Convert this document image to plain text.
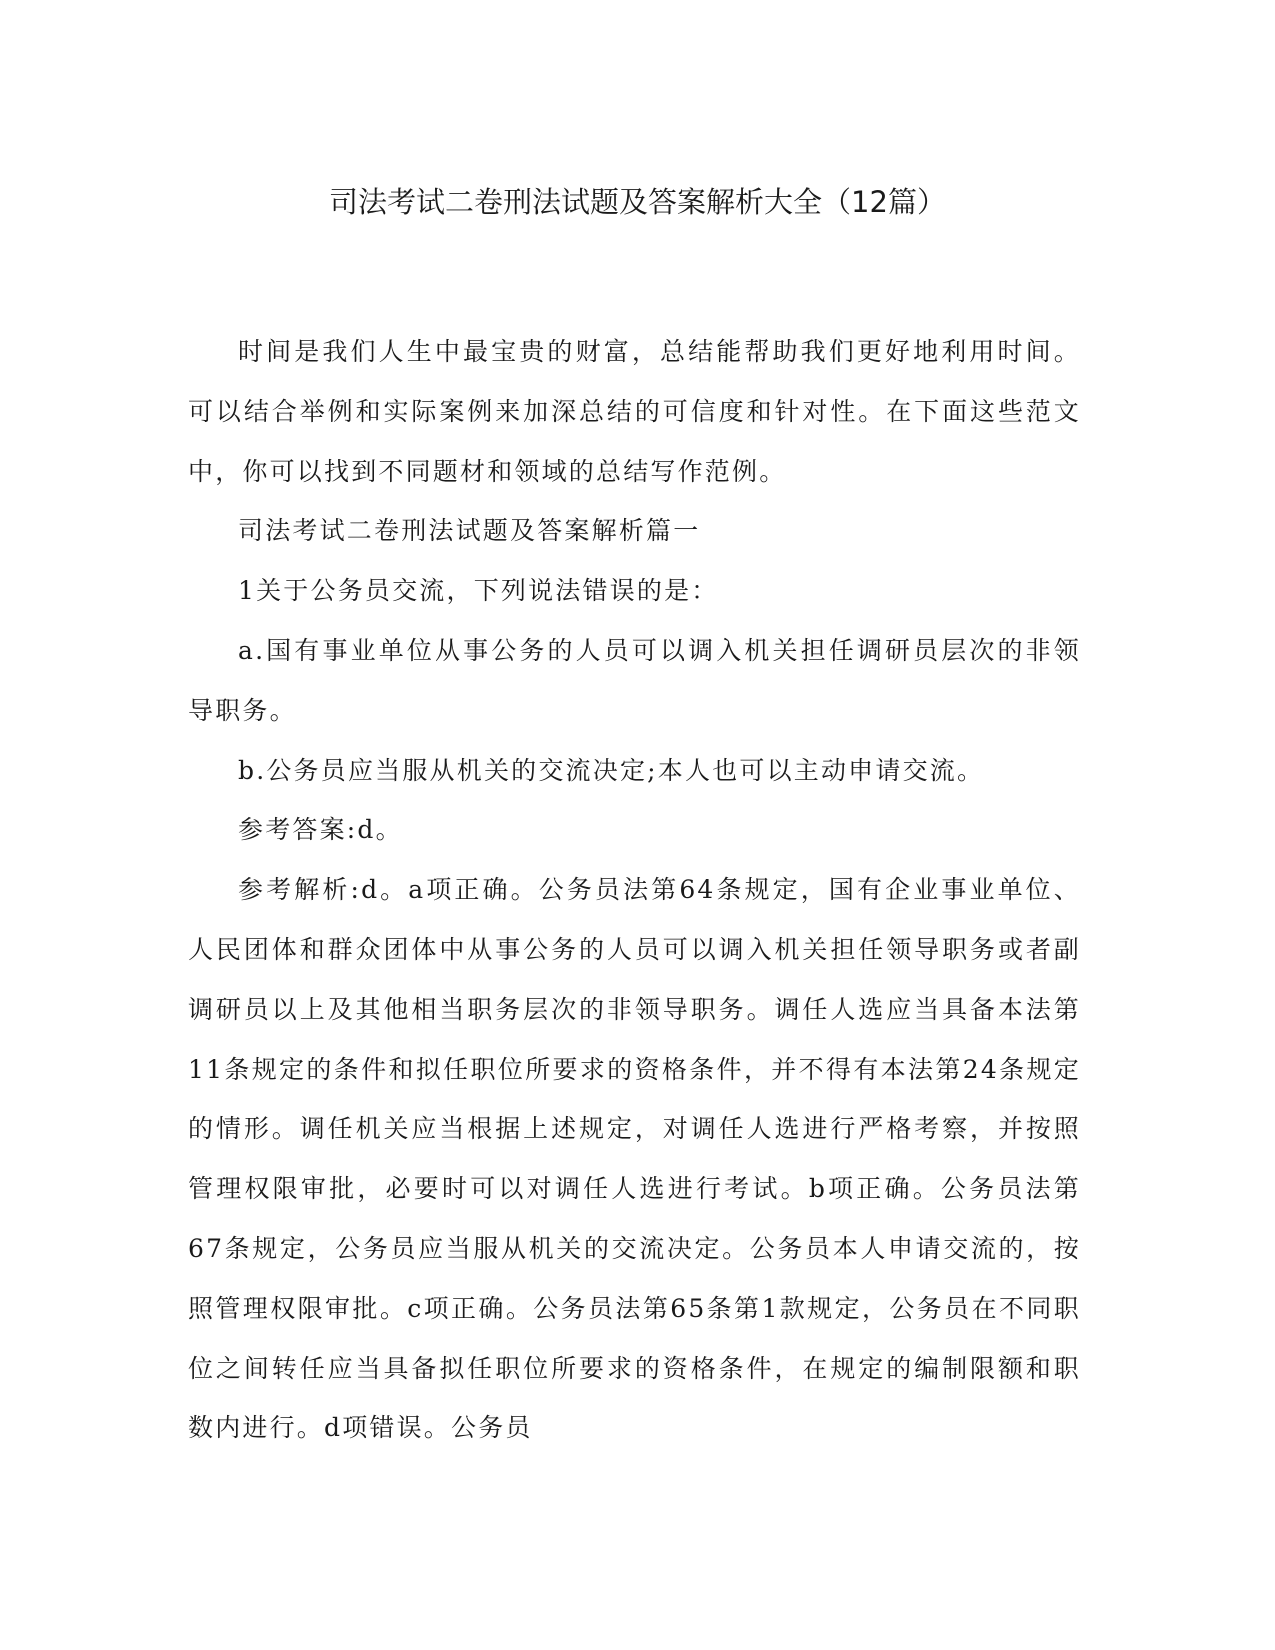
司法考试二卷刑法试题及答案解析大全（12篇）

时间是我们人生中最宝贵的财富，总结能帮助我们更好地利用时间。可以结合举例和实际案例来加深总结的可信度和针对性。在下面这些范文中，你可以找到不同题材和领域的总结写作范例。

司法考试二卷刑法试题及答案解析篇一

1关于公务员交流，下列说法错误的是：

a.国有事业单位从事公务的人员可以调入机关担任调研员层次的非领导职务。

b.公务员应当服从机关的交流决定;本人也可以主动申请交流。

参考答案:d。

参考解析:d。a项正确。公务员法第64条规定，国有企业事业单位、人民团体和群众团体中从事公务的人员可以调入机关担任领导职务或者副调研员以上及其他相当职务层次的非领导职务。调任人选应当具备本法第11条规定的条件和拟任职位所要求的资格条件，并不得有本法第24条规定的情形。调任机关应当根据上述规定，对调任人选进行严格考察，并按照管理权限审批，必要时可以对调任人选进行考试。b项正确。公务员法第67条规定，公务员应当服从机关的交流决定。公务员本人申请交流的，按照管理权限审批。c项正确。公务员法第65条第1款规定，公务员在不同职位之间转任应当具备拟任职位所要求的资格条件，在规定的编制限额和职数内进行。d项错误。公务员
